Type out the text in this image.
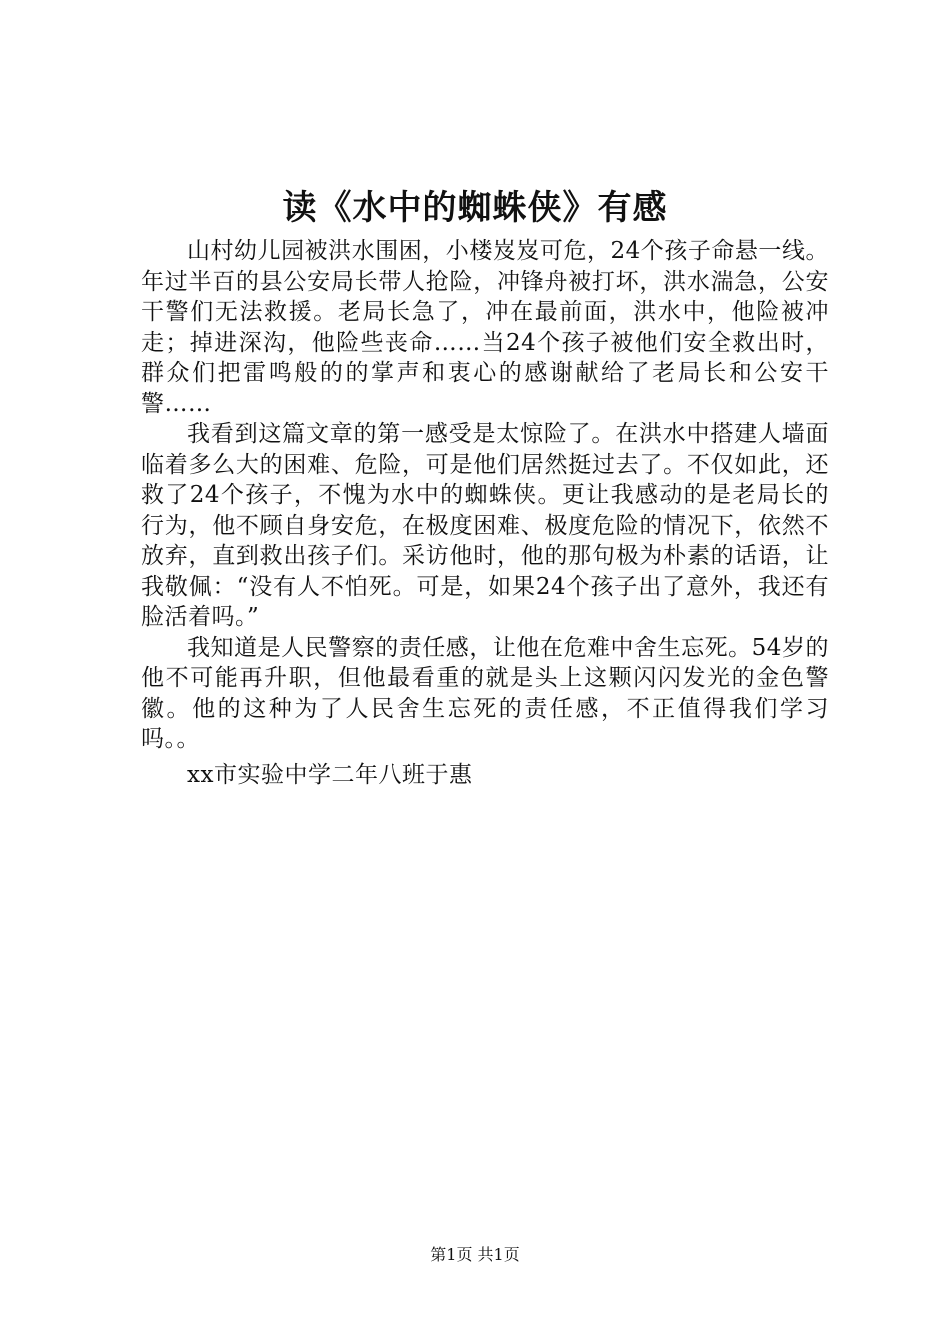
读《水中的蜘蛛侠》有感

山村幼儿园被洪水围困，小楼岌岌可危，24个孩子命悬一线。年过半百的县公安局长带人抢险，冲锋舟被打坏，洪水湍急，公安干警们无法救援。老局长急了，冲在最前面，洪水中，他险被冲走；掉进深沟，他险些丧命……当24个孩子被他们安全救出时，群众们把雷鸣般的的掌声和衷心的感谢献给了老局长和公安干警……

我看到这篇文章的第一感受是太惊险了。在洪水中搭建人墙面临着多么大的困难、危险，可是他们居然挺过去了。不仅如此，还救了24个孩子，不愧为水中的蜘蛛侠。更让我感动的是老局长的行为，他不顾自身安危，在极度困难、极度危险的情况下，依然不放弃，直到救出孩子们。采访他时，他的那句极为朴素的话语，让我敬佩：“没有人不怕死。可是，如果24个孩子出了意外，我还有脸活着吗。”

我知道是人民警察的责任感，让他在危难中舍生忘死。54岁的他不可能再升职，但他最看重的就是头上这颗闪闪发光的金色警徽。他的这种为了人民舍生忘死的责任感，不正值得我们学习吗。。

xx市实验中学二年八班于惠
第1页 共1页
